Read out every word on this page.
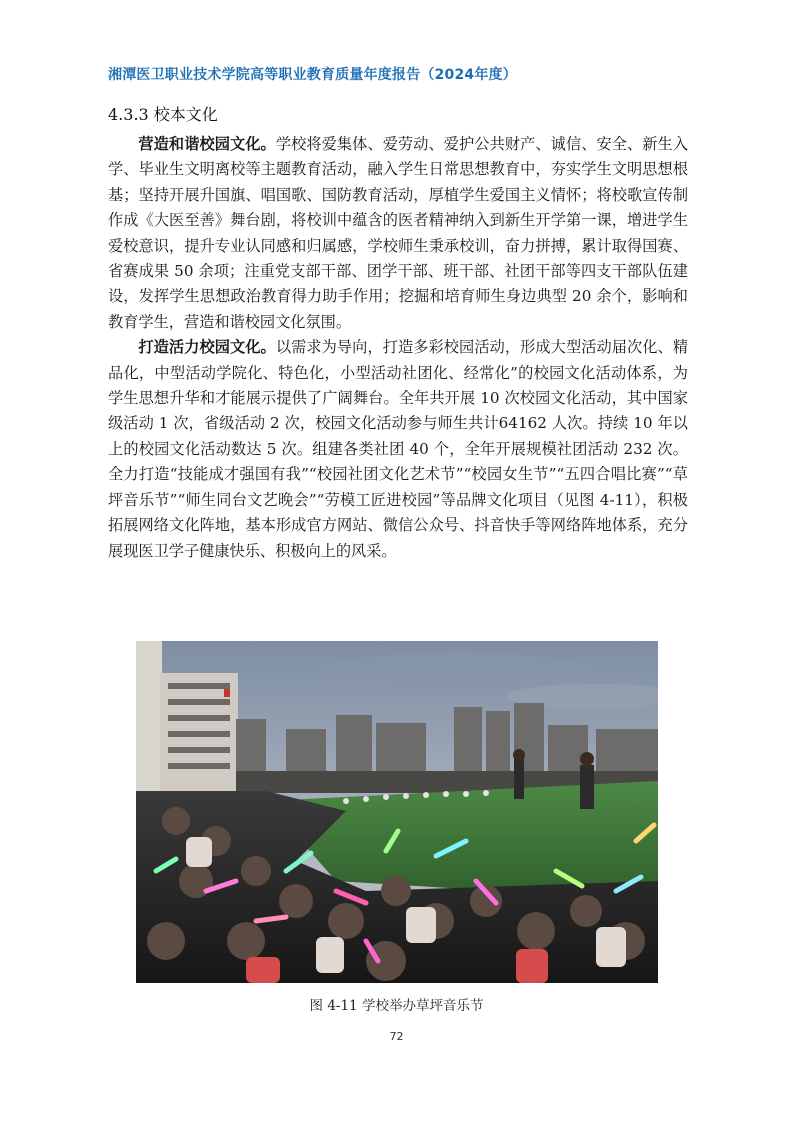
湘潭医卫职业技术学院高等职业教育质量年度报告（2024年度）
4.3.3 校本文化

营造和谐校园文化。学校将爱集体、爱劳动、爱护公共财产、诚信、安全、新生入学、毕业生文明离校等主题教育活动，融入学生日常思想教育中，夯实学生文明思想根基；坚持开展升国旗、唱国歌、国防教育活动，厚植学生爱国主义情怀；将校歌宣传制作成《大医至善》舞台剧，将校训中蕴含的医者精神纳入到新生开学第一课，增进学生爱校意识，提升专业认同感和归属感，学校师生秉承校训，奋力拼搏，累计取得国赛、省赛成果 50 余项；注重党支部干部、团学干部、班干部、社团干部等四支干部队伍建设，发挥学生思想政治教育得力助手作用；挖掘和培育师生身边典型 20 余个，影响和教育学生，营造和谐校园文化氛围。

打造活力校园文化。以需求为导向，打造多彩校园活动，形成大型活动届次化、精品化，中型活动学院化、特色化，小型活动社团化、经常化”的校园文化活动体系，为学生思想升华和才能展示提供了广阔舞台。全年共开展 10 次校园文化活动，其中国家级活动 1 次，省级活动 2 次，校园文化活动参与师生共计64162 人次。持续 10 年以上的校园文化活动数达 5 次。组建各类社团 40 个，全年开展规模社团活动 232 次。全力打造“技能成才强国有我”“校园社团文化艺术节”“校园女生节”“五四合唱比赛”“草坪音乐节”“师生同台文艺晚会”“劳模工匠进校园”等品牌文化项目（见图 4-11），积极拓展网络文化阵地，基本形成官方网站、微信公众号、抖音快手等网络阵地体系，充分展现医卫学子健康快乐、积极向上的风采。

图 4-11 学校举办草坪音乐节
72
